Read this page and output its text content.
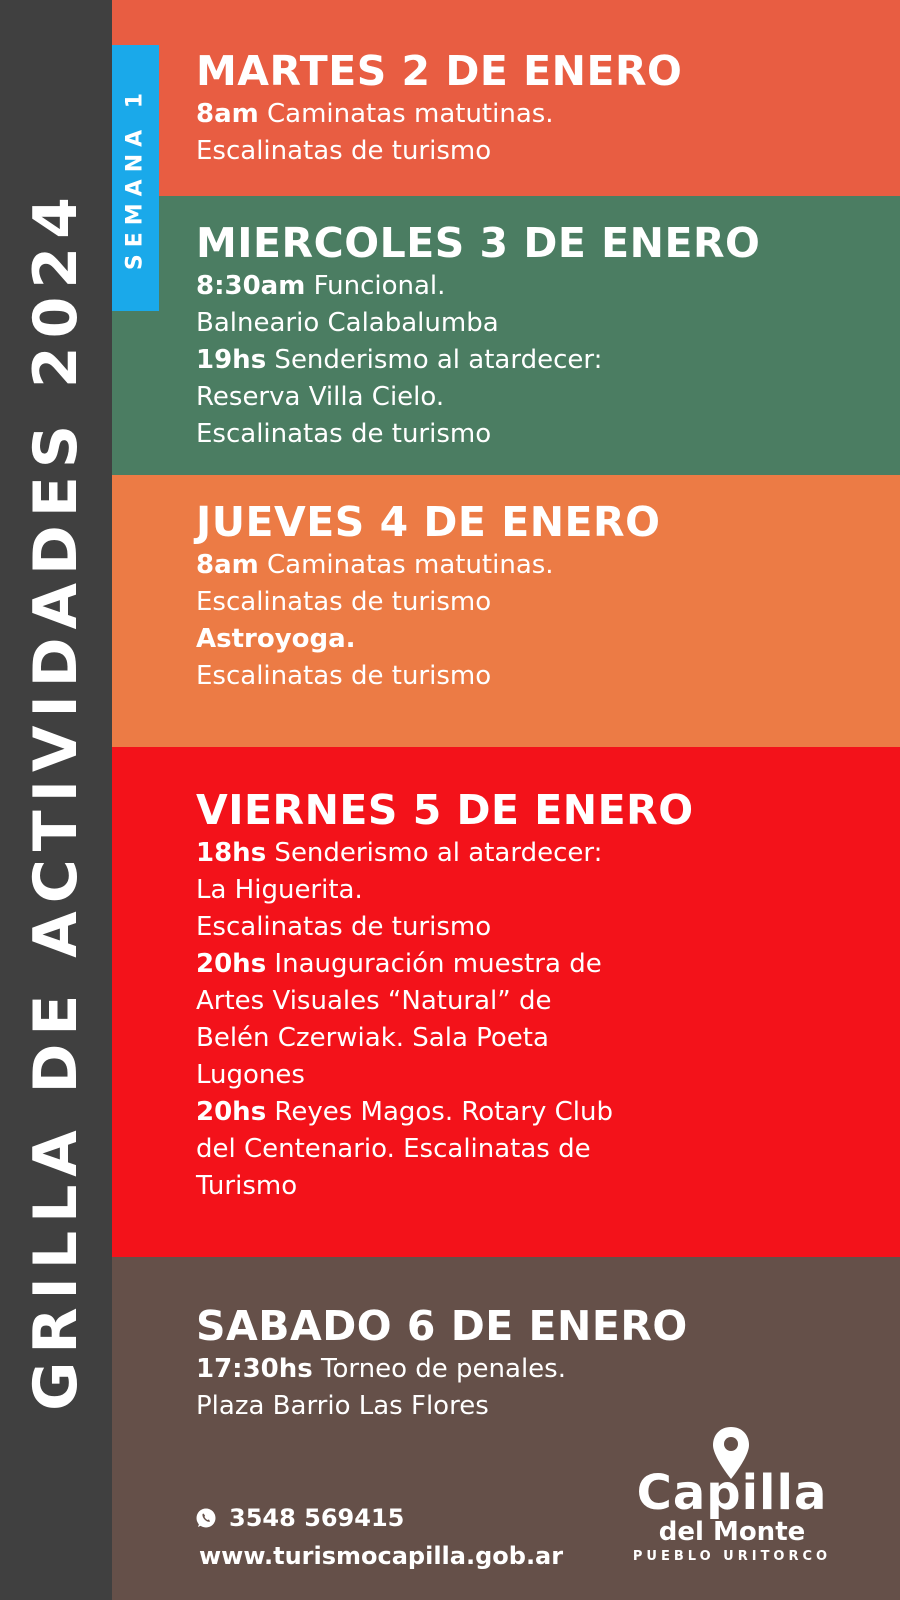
GRILLA DE ACTIVIDADES 2024
SEMANA 1
MARTES 2 DE ENERO

8am Caminatas matutinas.

Escalinatas de turismo

MIERCOLES 3 DE ENERO

8:30am Funcional.

Balneario Calabalumba

19hs Senderismo al atardecer:

Reserva Villa Cielo.

Escalinatas de turismo

JUEVES 4 DE ENERO

8am Caminatas matutinas.

Escalinatas de turismo

Astroyoga.

Escalinatas de turismo

VIERNES 5 DE ENERO

18hs Senderismo al atardecer:

La Higuerita.

Escalinatas de turismo

20hs Inauguración muestra de

Artes Visuales “Natural” de

Belén Czerwiak. Sala Poeta

Lugones

20hs Reyes Magos. Rotary Club

del Centenario. Escalinatas de

Turismo

SABADO 6 DE ENERO

17:30hs Torneo de penales.

Plaza Barrio Las Flores

3548 569415
www.turismocapilla.gob.ar
Capilla
del Monte
PUEBLO URITORCO
